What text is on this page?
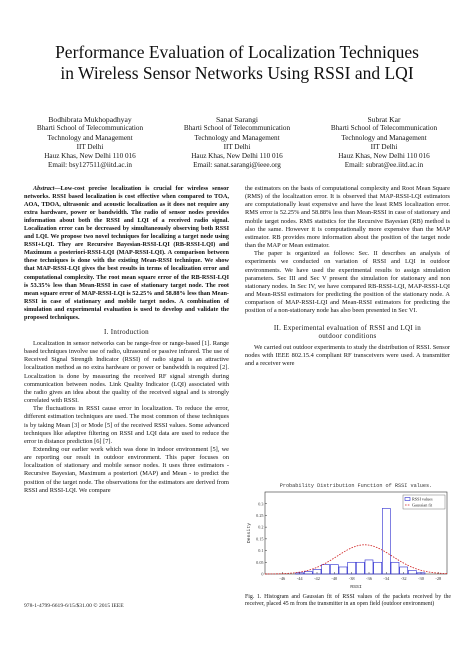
Performance Evaluation of Localization Techniques
in Wireless Sensor Networks Using RSSI and LQI
Bodhibrata Mukhopadhyay
Bharti School of Telecommunication
Technology and Management
IIT Delhi
Hauz Khas, New Delhi 110 016
Email: bsy127511@iitd.ac.in
Sanat Sarangi
Bharti School of Telecommunication
Technology and Management
IIT Delhi
Hauz Khas, New Delhi 110 016
Email: sanat.sarangi@ieee.org
Subrat Kar
Bharti School of Telecommunication
Technology and Management
IIT Delhi
Hauz Khas, New Delhi 110 016
Email: subrat@ee.iitd.ac.in

Abstract—Low-cost precise localization is crucial for wireless sensor networks. RSSI based localization is cost effective when compared to TOA, AOA, TDOA, ultrasonic and acoustic localization as it does not require any extra hardware, power or bandwidth. The radio of sensor nodes provides information about both the RSSI and LQI of a received radio signal. Localization error can be decreased by simultaneously observing both RSSI and LQI. We propose two novel techniques for localizing a target node using RSSI+LQI. They are Recursive Bayesian-RSSI-LQI (RB-RSSI-LQI) and Maximum a posteriori-RSSI-LQI (MAP-RSSI-LQI). A comparison between these techniques is done with the existing Mean-RSSI technique. We show that MAP-RSSI-LQI gives the best results in terms of localization error and computational complexity. The root mean square error of the RB-RSSI-LQI is 53.35% less than Mean-RSSI in case of stationary target node. The root mean square error of MAP-RSSI-LQI is 52.25% and 58.88% less than Mean-RSSI in case of stationary and mobile target nodes. A combination of simulation and experimental evaluation is used to develop and validate the proposed techniques.

I. Introduction

Localization in sensor networks can be range-free or range-based [1]. Range based techniques involve use of radio, ultrasound or passive infrared. The use of Received Signal Strength Indicator (RSSI) of radio signal is an attractive localization method as no extra hardware or power or bandwidth is required [2]. Localization is done by measuring the received RF signal strength during communication between nodes. Link Quality Indicator (LQI) associated with the radio gives an idea about the quality of the received signal and is strongly correlated with RSSI.

The fluctuations in RSSI cause error in localization. To reduce the error, different estimation techniques are used. The most common of these techniques is by taking Mean [3] or Mode [5] of the received RSSI values. Some advanced techniques like adaptive filtering on RSSI and LQI data are used to reduce the error in distance prediction [6] [7].

Extending our earlier work which was done in indoor environment [5], we are reporting our result in outdoor environment. This paper focuses on localization of stationary and mobile sensor nodes. It uses three estimators - Recursive Bayesian, Maximum a posteriori (MAP) and Mean - to predict the position of the target node. The observations for the estimators are derived from RSSI and RSSI-LQI. We compare

the estimators on the basis of computational complexity and Root Mean Square (RMS) of the localization error. It is observed that MAP-RSSI-LQI estimators are computationally least expensive and have the least RMS localization error. RMS error is 52.25% and 58.88% less than Mean-RSSI in case of stationary and mobile target nodes. RMS statistics for the Recursive Bayesian (RB) method is also the same. However it is computationally more expensive than the MAP estimator. RB provides more information about the position of the target node than the MAP or Mean estimator.

The paper is organized as follows: Sec. II describes an analysis of experiments we conducted on variation of RSSI and LQI in outdoor environments. We have used the experimental results to assign simulation parameters. Sec III and Sec V present the simulation for stationary and non stationary nodes. In Sec IV, we have compared RB-RSSI-LQI, MAP-RSSI-LQI and Mean-RSSI estimators for predicting the position of the stationary node. A comparison of MAP-RSSI-LQI and Mean-RSSI estimators for predicting the position of a non-stationary node has also been presented in Sec VI.

II. Experimental evaluation of RSSI and LQI in
outdoor conditions

We carried out outdoor experiments to study the distribution of RSSI. Sensor nodes with IEEE 802.15.4 compliant RF transceivers were used. A transmitter and a receiver were

Probability Distribution Function of RSSI values.
0
0.05
0.1
0.15
0.2
0.25
0.3
-46	-44	-42	-40	-38	-36	-34	-32	-30	-28
RSSI
Density
RSSI values
Gaussian fit
Fig. 1. Histogram and Gaussian fit of RSSI values of the packets received by the receiver, placed 45 m from the transmitter in an open field (outdoor environment)
978-1-4799-6619-6/15/$31.00 © 2015 IEEE
